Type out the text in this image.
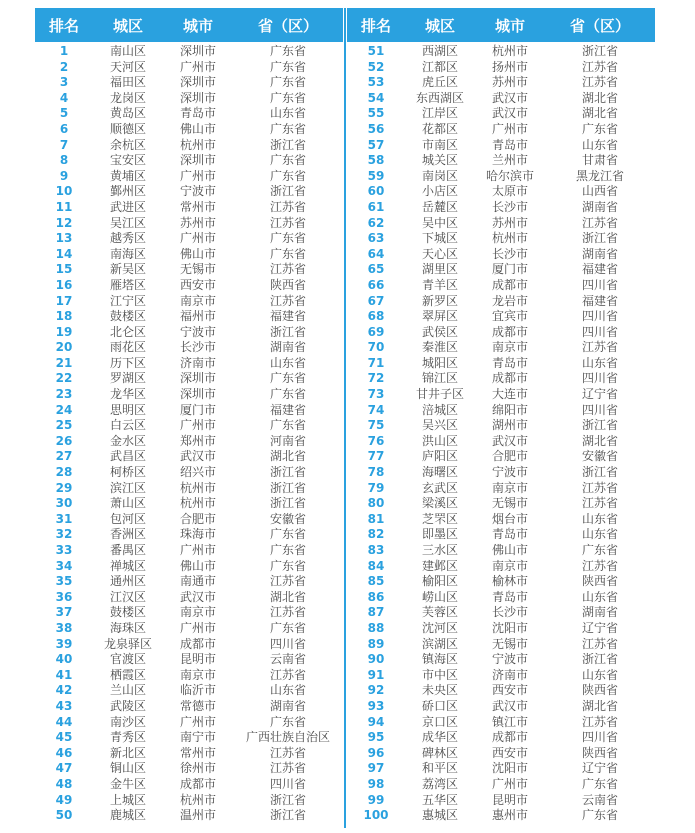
排名	城区	城市	省（区）
1	南山区	深圳市	广东省
2	天河区	广州市	广东省
3	福田区	深圳市	广东省
4	龙岗区	深圳市	广东省
5	黄岛区	青岛市	山东省
6	顺德区	佛山市	广东省
7	余杭区	杭州市	浙江省
8	宝安区	深圳市	广东省
9	黄埔区	广州市	广东省
10	鄞州区	宁波市	浙江省
11	武进区	常州市	江苏省
12	吴江区	苏州市	江苏省
13	越秀区	广州市	广东省
14	南海区	佛山市	广东省
15	新吴区	无锡市	江苏省
16	雁塔区	西安市	陕西省
17	江宁区	南京市	江苏省
18	鼓楼区	福州市	福建省
19	北仑区	宁波市	浙江省
20	雨花区	长沙市	湖南省
21	历下区	济南市	山东省
22	罗湖区	深圳市	广东省
23	龙华区	深圳市	广东省
24	思明区	厦门市	福建省
25	白云区	广州市	广东省
26	金水区	郑州市	河南省
27	武昌区	武汉市	湖北省
28	柯桥区	绍兴市	浙江省
29	滨江区	杭州市	浙江省
30	萧山区	杭州市	浙江省
31	包河区	合肥市	安徽省
32	香洲区	珠海市	广东省
33	番禺区	广州市	广东省
34	禅城区	佛山市	广东省
35	通州区	南通市	江苏省
36	江汉区	武汉市	湖北省
37	鼓楼区	南京市	江苏省
38	海珠区	广州市	广东省
39	龙泉驿区	成都市	四川省
40	官渡区	昆明市	云南省
41	栖霞区	南京市	江苏省
42	兰山区	临沂市	山东省
43	武陵区	常德市	湖南省
44	南沙区	广州市	广东省
45	青秀区	南宁市	广西壮族自治区
46	新北区	常州市	江苏省
47	铜山区	徐州市	江苏省
48	金牛区	成都市	四川省
49	上城区	杭州市	浙江省
50	鹿城区	温州市	浙江省
排名	城区	城市	省（区）
51	西湖区	杭州市	浙江省
52	江都区	扬州市	江苏省
53	虎丘区	苏州市	江苏省
54	东西湖区	武汉市	湖北省
55	江岸区	武汉市	湖北省
56	花都区	广州市	广东省
57	市南区	青岛市	山东省
58	城关区	兰州市	甘肃省
59	南岗区	哈尔滨市	黑龙江省
60	小店区	太原市	山西省
61	岳麓区	长沙市	湖南省
62	吴中区	苏州市	江苏省
63	下城区	杭州市	浙江省
64	天心区	长沙市	湖南省
65	湖里区	厦门市	福建省
66	青羊区	成都市	四川省
67	新罗区	龙岩市	福建省
68	翠屏区	宜宾市	四川省
69	武侯区	成都市	四川省
70	秦淮区	南京市	江苏省
71	城阳区	青岛市	山东省
72	锦江区	成都市	四川省
73	甘井子区	大连市	辽宁省
74	涪城区	绵阳市	四川省
75	吴兴区	湖州市	浙江省
76	洪山区	武汉市	湖北省
77	庐阳区	合肥市	安徽省
78	海曙区	宁波市	浙江省
79	玄武区	南京市	江苏省
80	梁溪区	无锡市	江苏省
81	芝罘区	烟台市	山东省
82	即墨区	青岛市	山东省
83	三水区	佛山市	广东省
84	建邺区	南京市	江苏省
85	榆阳区	榆林市	陕西省
86	崂山区	青岛市	山东省
87	芙蓉区	长沙市	湖南省
88	沈河区	沈阳市	辽宁省
89	滨湖区	无锡市	江苏省
90	镇海区	宁波市	浙江省
91	市中区	济南市	山东省
92	未央区	西安市	陕西省
93	硚口区	武汉市	湖北省
94	京口区	镇江市	江苏省
95	成华区	成都市	四川省
96	碑林区	西安市	陕西省
97	和平区	沈阳市	辽宁省
98	荔湾区	广州市	广东省
99	五华区	昆明市	云南省
100	惠城区	惠州市	广东省
